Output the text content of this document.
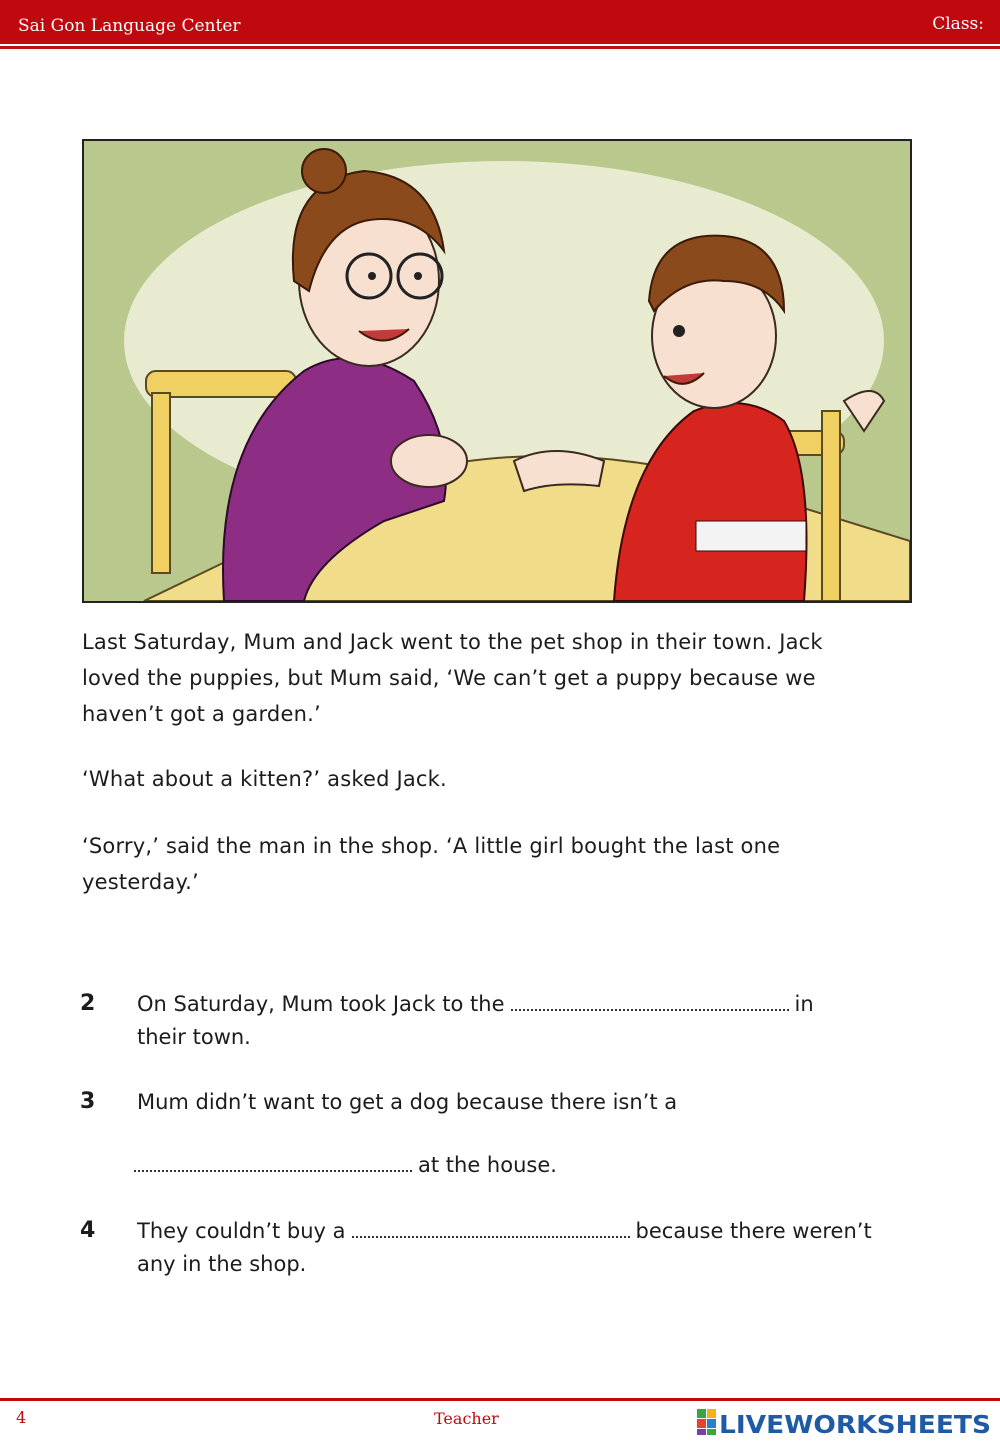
Sai Gon Language Center	Class:
Last Saturday, Mum and Jack went to the pet shop in their town. Jack
loved the puppies, but Mum said, ‘We can’t get a puppy because we
haven’t got a garden.’
‘What about a kitten?’ asked Jack.
‘Sorry,’ said the man in the shop. ‘A little girl bought the last one
yesterday.’
2 On Saturday, Mum took Jack to the	in
their town.
3 Mum didn’t want to get a dog because there isn’t a
at the house.
4 They couldn’t buy a	because there weren’t
any in the shop.
4	Teacher	LIVEWORKSHEETS
